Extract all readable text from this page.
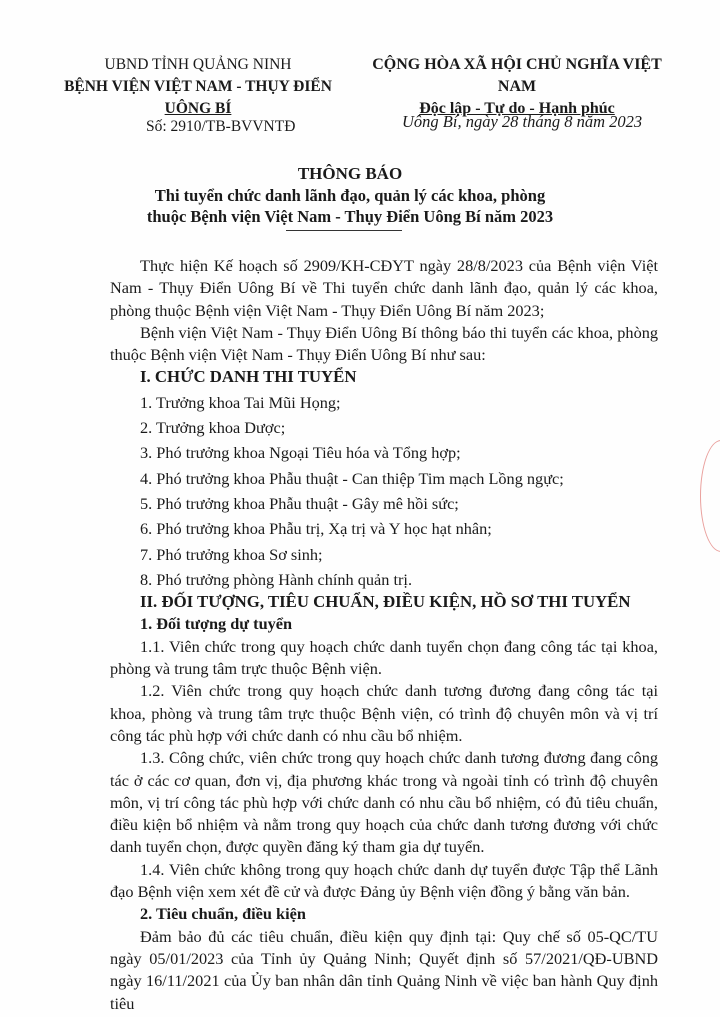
UBND TỈNH QUẢNG NINH
BỆNH VIỆN VIỆT NAM - THỤY ĐIỂN
UÔNG BÍ
CỘNG HÒA XÃ HỘI CHỦ NGHĨA VIỆT NAM
Độc lập - Tự do - Hạnh phúc
Số: 2910/TB-BVVNTĐ	Uông Bí, ngày 28 tháng 8 năm 2023
THÔNG BÁO
Thi tuyển chức danh lãnh đạo, quản lý các khoa, phòng
thuộc Bệnh viện Việt Nam - Thụy Điển Uông Bí năm 2023

Thực hiện Kế hoạch số 2909/KH-CĐYT ngày 28/8/2023 của Bệnh viện Việt Nam - Thụy Điển Uông Bí về Thi tuyển chức danh lãnh đạo, quản lý các khoa, phòng thuộc Bệnh viện Việt Nam - Thụy Điển Uông Bí năm 2023;

Bệnh viện Việt Nam - Thụy Điển Uông Bí thông báo thi tuyển các khoa, phòng thuộc Bệnh viện Việt Nam - Thụy Điển Uông Bí như sau:

I. CHỨC DANH THI TUYỂN

1. Trưởng khoa Tai Mũi Họng;

2. Trưởng khoa Dược;

3. Phó trưởng khoa Ngoại Tiêu hóa và Tổng hợp;

4. Phó trưởng khoa Phẫu thuật - Can thiệp Tim mạch Lồng ngực;

5. Phó trưởng khoa Phẫu thuật - Gây mê hồi sức;

6. Phó trưởng khoa Phẫu trị, Xạ trị và Y học hạt nhân;

7. Phó trưởng khoa Sơ sinh;

8. Phó trưởng phòng Hành chính quản trị.

II. ĐỐI TƯỢNG, TIÊU CHUẨN, ĐIỀU KIỆN, HỒ SƠ THI TUYỂN

1. Đối tượng dự tuyển

1.1. Viên chức trong quy hoạch chức danh tuyển chọn đang công tác tại khoa, phòng và trung tâm trực thuộc Bệnh viện.

1.2. Viên chức trong quy hoạch chức danh tương đương đang công tác tại khoa, phòng và trung tâm trực thuộc Bệnh viện, có trình độ chuyên môn và vị trí công tác phù hợp với chức danh có nhu cầu bổ nhiệm.

1.3. Công chức, viên chức trong quy hoạch chức danh tương đương đang công tác ở các cơ quan, đơn vị, địa phương khác trong và ngoài tỉnh có trình độ chuyên môn, vị trí công tác phù hợp với chức danh có nhu cầu bổ nhiệm, có đủ tiêu chuẩn, điều kiện bổ nhiệm và nằm trong quy hoạch của chức danh tương đương với chức danh tuyển chọn, được quyền đăng ký tham gia dự tuyển.

1.4. Viên chức không trong quy hoạch chức danh dự tuyển được Tập thể Lãnh đạo Bệnh viện xem xét đề cử và được Đảng ủy Bệnh viện đồng ý bằng văn bản.

2. Tiêu chuẩn, điều kiện

Đảm bảo đủ các tiêu chuẩn, điều kiện quy định tại: Quy chế số 05-QC/TU ngày 05/01/2023 của Tỉnh ủy Quảng Ninh; Quyết định số 57/2021/QĐ-UBND ngày 16/11/2021 của Ủy ban nhân dân tỉnh Quảng Ninh về việc ban hành Quy định tiêu
